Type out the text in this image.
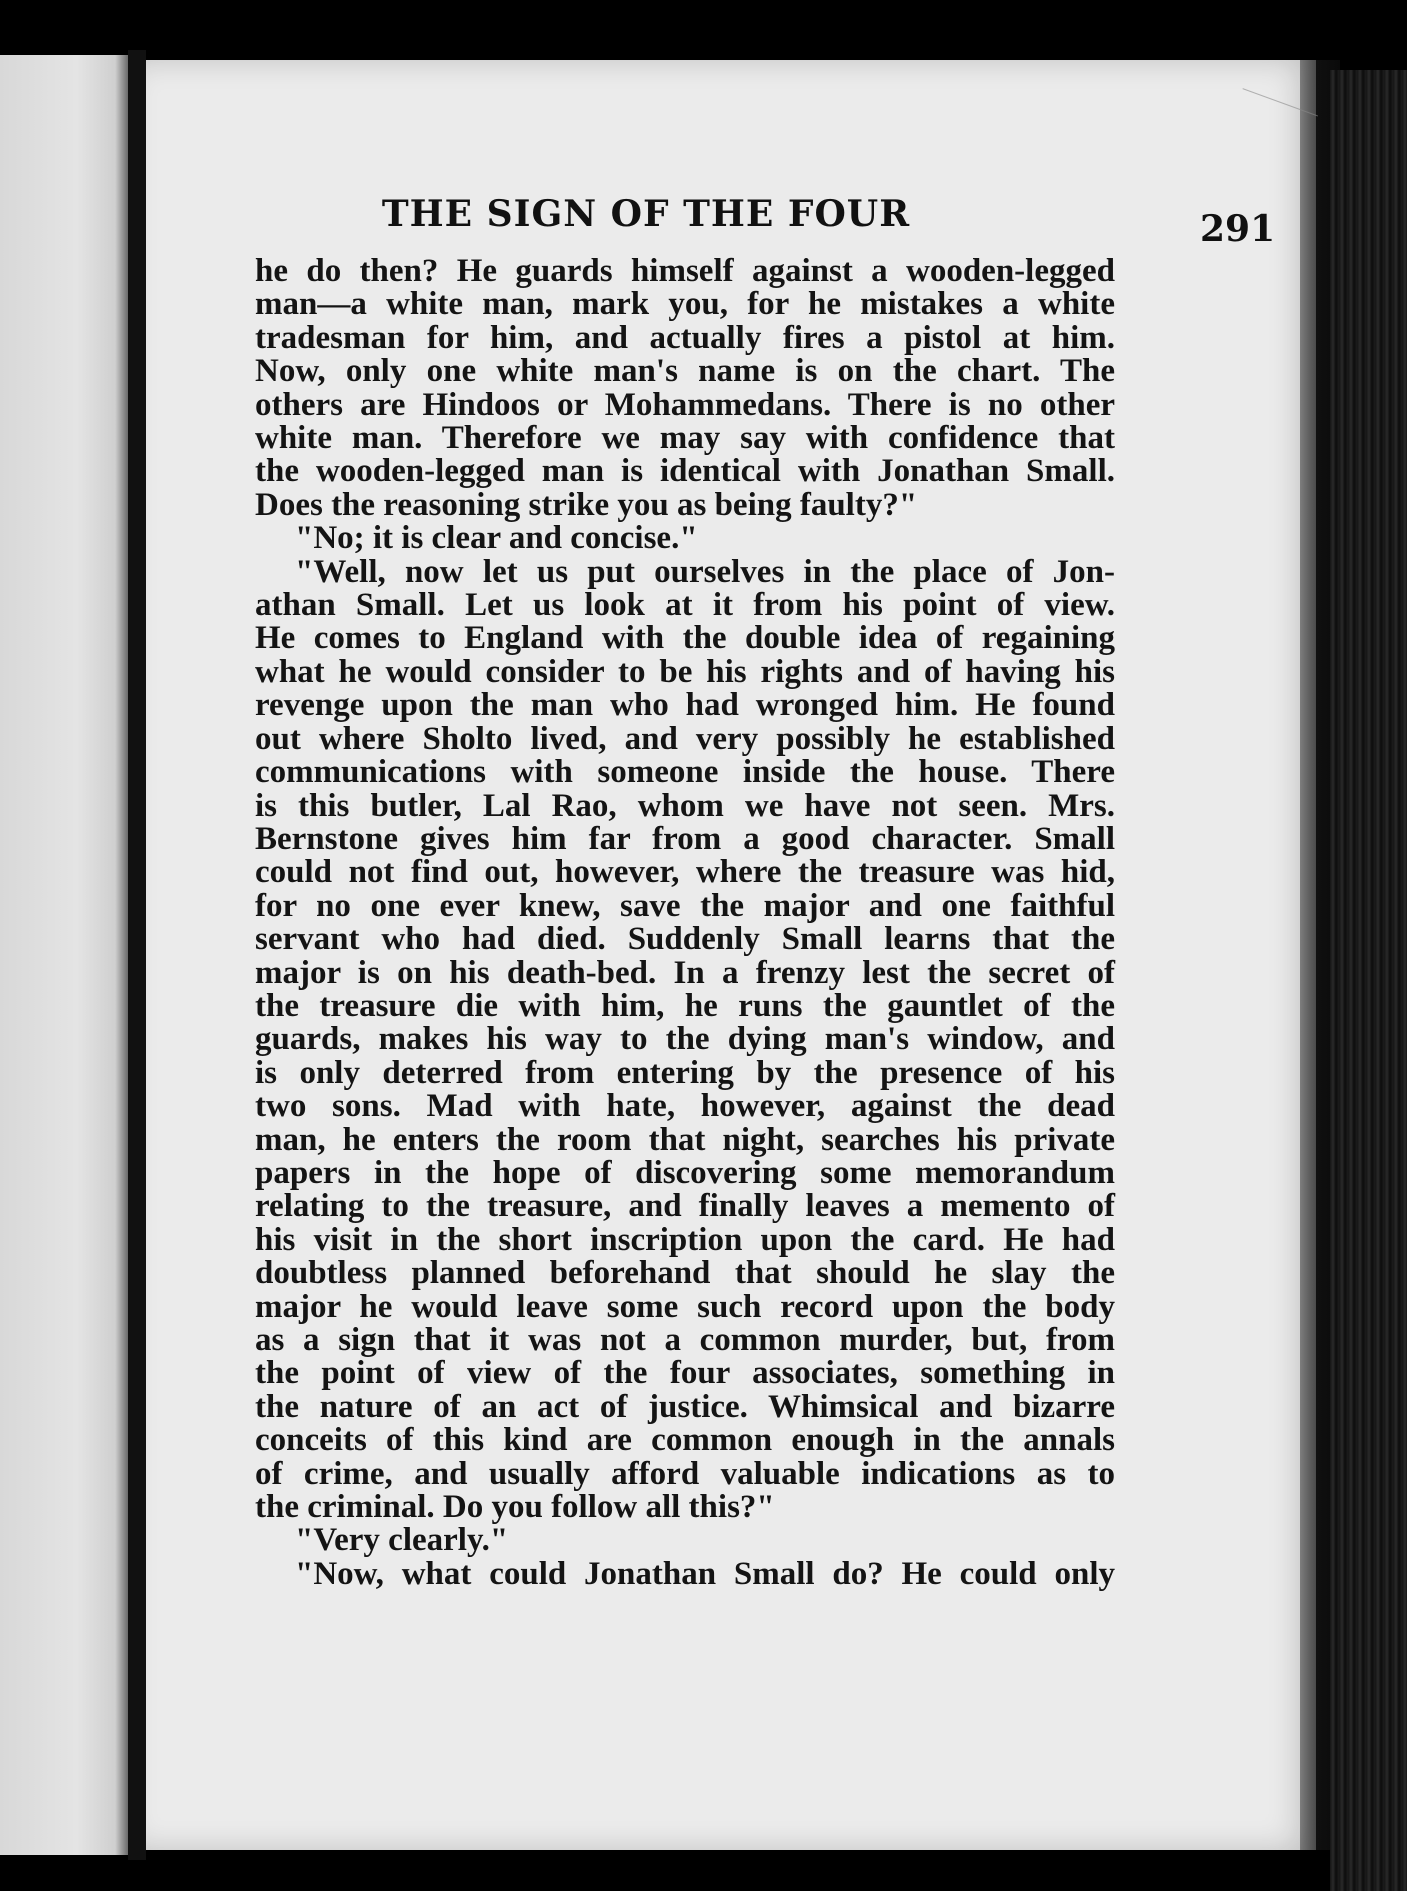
THE SIGN OF THE FOUR	291
he do then? He guards himself against a wooden-legged
man—a white man, mark you, for he mistakes a white
tradesman for him, and actually fires a pistol at him.
Now, only one white man's name is on the chart. The
others are Hindoos or Mohammedans. There is no other
white man. Therefore we may say with confidence that
the wooden-legged man is identical with Jonathan Small.
Does the reasoning strike you as being faulty?"
"No; it is clear and concise."
"Well, now let us put ourselves in the place of Jon-
athan Small. Let us look at it from his point of view.
He comes to England with the double idea of regaining
what he would consider to be his rights and of having his
revenge upon the man who had wronged him. He found
out where Sholto lived, and very possibly he established
communications with someone inside the house. There
is this butler, Lal Rao, whom we have not seen. Mrs.
Bernstone gives him far from a good character. Small
could not find out, however, where the treasure was hid,
for no one ever knew, save the major and one faithful
servant who had died. Suddenly Small learns that the
major is on his death-bed. In a frenzy lest the secret of
the treasure die with him, he runs the gauntlet of the
guards, makes his way to the dying man's window, and
is only deterred from entering by the presence of his
two sons. Mad with hate, however, against the dead
man, he enters the room that night, searches his private
papers in the hope of discovering some memorandum
relating to the treasure, and finally leaves a memento of
his visit in the short inscription upon the card. He had
doubtless planned beforehand that should he slay the
major he would leave some such record upon the body
as a sign that it was not a common murder, but, from
the point of view of the four associates, something in
the nature of an act of justice. Whimsical and bizarre
conceits of this kind are common enough in the annals
of crime, and usually afford valuable indications as to
the criminal. Do you follow all this?"
"Very clearly."
"Now, what could Jonathan Small do? He could only
